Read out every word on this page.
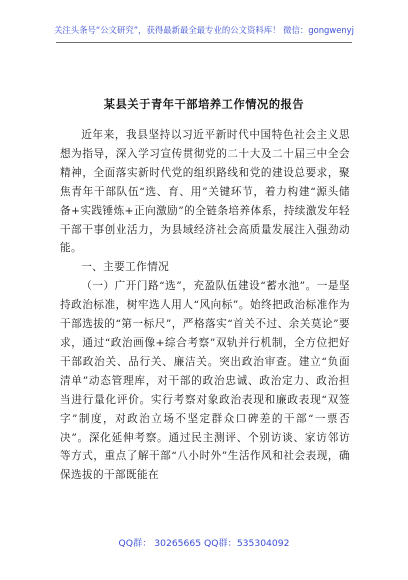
关注头条号“公文研究”，获得最新最全最专业的公文资料库！ 微信：gongwenyj
某县关于青年干部培养工作情况的报告

近年来，我县坚持以习近平新时代中国特色社会主义思想为指导，深入学习宣传贯彻党的二十大及二十届三中全会精神，全面落实新时代党的组织路线和党的建设总要求，聚焦青年干部队伍“选、育、用”关键环节，着力构建“源头储备+实践锤炼+正向激励”的全链条培养体系，持续激发年轻干部干事创业活力，为县域经济社会高质量发展注入强劲动能。

一、主要工作情况

（一）广开门路“选”，充盈队伍建设“蓄水池”。一是坚持政治标准，树牢选人用人“风向标”。始终把政治标准作为干部选拔的“第一标尺”，严格落实“首关不过、余关莫论”要求，通过“政治画像+综合考察”双轨并行机制，全方位把好干部政治关、品行关、廉洁关。突出政治审查。建立“负面清单”动态管理库，对干部的政治忠诚、政治定力、政治担当进行量化评价。实行考察对象政治表现和廉政表现“双签字”制度，对政治立场不坚定群众口碑差的干部“一票否决”。深化延伸考察。通过民主测评、个别访谈、家访邻访等方式，重点了解干部“八小时外”生活作风和社会表现，确保选拔的干部既能在

QQ群： 30265665 QQ群：535304092
